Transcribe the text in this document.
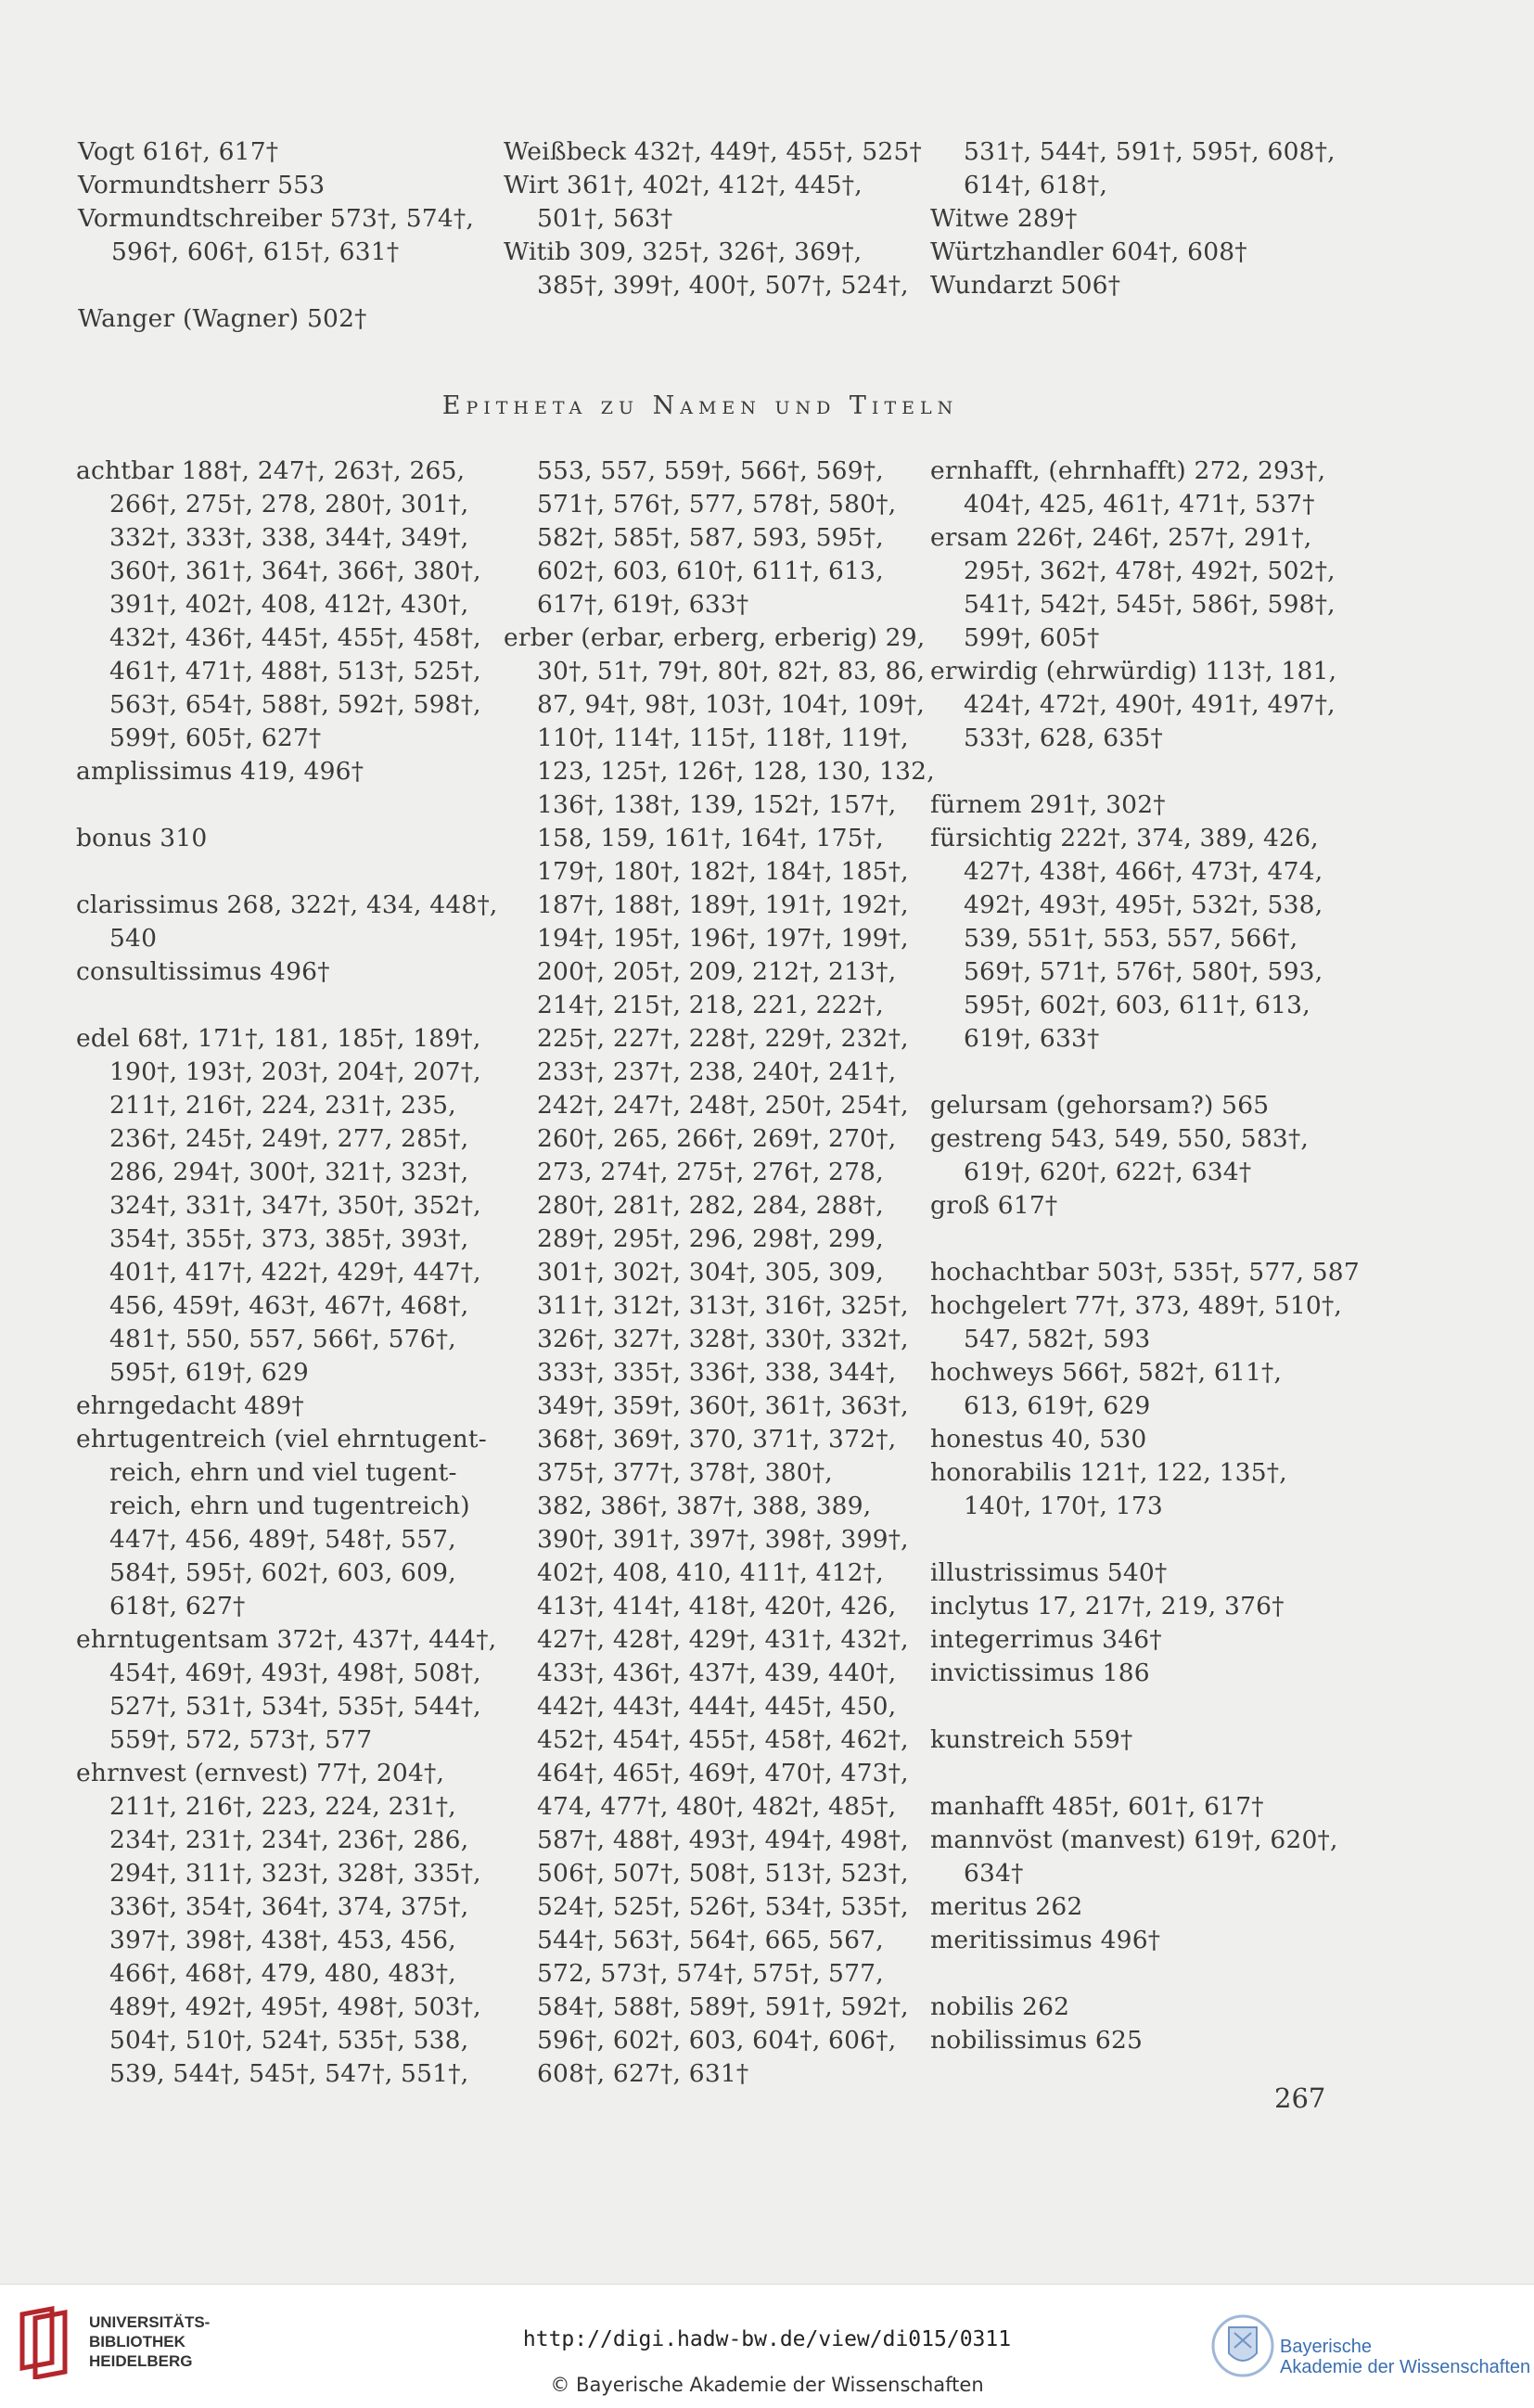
Vogt 616†, 617†
Vormundtsherr 553
Vormundtschreiber 573†, 574†,
596†, 606†, 615†, 631†
Wanger (Wagner) 502†
Weißbeck 432†, 449†, 455†, 525†
Wirt 361†, 402†, 412†, 445†,
501†, 563†
Witib 309, 325†, 326†, 369†,
385†, 399†, 400†, 507†, 524†,
531†, 544†, 591†, 595†, 608†,
614†, 618†,
Witwe 289†
Würtzhandler 604†, 608†
Wundarzt 506†
Epitheta zu Namen und Titeln
achtbar 188†, 247†, 263†, 265,
266†, 275†, 278, 280†, 301†,
332†, 333†, 338, 344†, 349†,
360†, 361†, 364†, 366†, 380†,
391†, 402†, 408, 412†, 430†,
432†, 436†, 445†, 455†, 458†,
461†, 471†, 488†, 513†, 525†,
563†, 654†, 588†, 592†, 598†,
599†, 605†, 627†
amplissimus 419, 496†
bonus 310
clarissimus 268, 322†, 434, 448†,
540
consultissimus 496†
edel 68†, 171†, 181, 185†, 189†,
190†, 193†, 203†, 204†, 207†,
211†, 216†, 224, 231†, 235,
236†, 245†, 249†, 277, 285†,
286, 294†, 300†, 321†, 323†,
324†, 331†, 347†, 350†, 352†,
354†, 355†, 373, 385†, 393†,
401†, 417†, 422†, 429†, 447†,
456, 459†, 463†, 467†, 468†,
481†, 550, 557, 566†, 576†,
595†, 619†, 629
ehrngedacht 489†
ehrtugentreich (viel ehrntugent-
reich, ehrn und viel tugent-
reich, ehrn und tugentreich)
447†, 456, 489†, 548†, 557,
584†, 595†, 602†, 603, 609,
618†, 627†
ehrntugentsam 372†, 437†, 444†,
454†, 469†, 493†, 498†, 508†,
527†, 531†, 534†, 535†, 544†,
559†, 572, 573†, 577
ehrnvest (ernvest) 77†, 204†,
211†, 216†, 223, 224, 231†,
234†, 231†, 234†, 236†, 286,
294†, 311†, 323†, 328†, 335†,
336†, 354†, 364†, 374, 375†,
397†, 398†, 438†, 453, 456,
466†, 468†, 479, 480, 483†,
489†, 492†, 495†, 498†, 503†,
504†, 510†, 524†, 535†, 538,
539, 544†, 545†, 547†, 551†,
553, 557, 559†, 566†, 569†,
571†, 576†, 577, 578†, 580†,
582†, 585†, 587, 593, 595†,
602†, 603, 610†, 611†, 613,
617†, 619†, 633†
erber (erbar, erberg, erberig) 29,
30†, 51†, 79†, 80†, 82†, 83, 86,
87, 94†, 98†, 103†, 104†, 109†,
110†, 114†, 115†, 118†, 119†,
123, 125†, 126†, 128, 130, 132,
136†, 138†, 139, 152†, 157†,
158, 159, 161†, 164†, 175†,
179†, 180†, 182†, 184†, 185†,
187†, 188†, 189†, 191†, 192†,
194†, 195†, 196†, 197†, 199†,
200†, 205†, 209, 212†, 213†,
214†, 215†, 218, 221, 222†,
225†, 227†, 228†, 229†, 232†,
233†, 237†, 238, 240†, 241†,
242†, 247†, 248†, 250†, 254†,
260†, 265, 266†, 269†, 270†,
273, 274†, 275†, 276†, 278,
280†, 281†, 282, 284, 288†,
289†, 295†, 296, 298†, 299,
301†, 302†, 304†, 305, 309,
311†, 312†, 313†, 316†, 325†,
326†, 327†, 328†, 330†, 332†,
333†, 335†, 336†, 338, 344†,
349†, 359†, 360†, 361†, 363†,
368†, 369†, 370, 371†, 372†,
375†, 377†, 378†, 380†,
382, 386†, 387†, 388, 389,
390†, 391†, 397†, 398†, 399†,
402†, 408, 410, 411†, 412†,
413†, 414†, 418†, 420†, 426,
427†, 428†, 429†, 431†, 432†,
433†, 436†, 437†, 439, 440†,
442†, 443†, 444†, 445†, 450,
452†, 454†, 455†, 458†, 462†,
464†, 465†, 469†, 470†, 473†,
474, 477†, 480†, 482†, 485†,
587†, 488†, 493†, 494†, 498†,
506†, 507†, 508†, 513†, 523†,
524†, 525†, 526†, 534†, 535†,
544†, 563†, 564†, 665, 567,
572, 573†, 574†, 575†, 577,
584†, 588†, 589†, 591†, 592†,
596†, 602†, 603, 604†, 606†,
608†, 627†, 631†
ernhafft, (ehrnhafft) 272, 293†,
404†, 425, 461†, 471†, 537†
ersam 226†, 246†, 257†, 291†,
295†, 362†, 478†, 492†, 502†,
541†, 542†, 545†, 586†, 598†,
599†, 605†
erwirdig (ehrwürdig) 113†, 181,
424†, 472†, 490†, 491†, 497†,
533†, 628, 635†
fürnem 291†, 302†
fürsichtig 222†, 374, 389, 426,
427†, 438†, 466†, 473†, 474,
492†, 493†, 495†, 532†, 538,
539, 551†, 553, 557, 566†,
569†, 571†, 576†, 580†, 593,
595†, 602†, 603, 611†, 613,
619†, 633†
gelursam (gehorsam?) 565
gestreng 543, 549, 550, 583†,
619†, 620†, 622†, 634†
groß 617†
hochachtbar 503†, 535†, 577, 587
hochgelert 77†, 373, 489†, 510†,
547, 582†, 593
hochweys 566†, 582†, 611†,
613, 619†, 629
honestus 40, 530
honorabilis 121†, 122, 135†,
140†, 170†, 173
illustrissimus 540†
inclytus 17, 217†, 219, 376†
integerrimus 346†
invictissimus 186
kunstreich 559†
manhafft 485†, 601†, 617†
mannvöst (manvest) 619†, 620†,
634†
meritus 262
meritissimus 496†
nobilis 262
nobilissimus 625
267
UNIVERSITÄTS-
BIBLIOTHEK
HEIDELBERG
http://digi.hadw-bw.de/view/di015/0311
© Bayerische Akademie der Wissenschaften
Bayerische
Akademie der Wissenschaften
